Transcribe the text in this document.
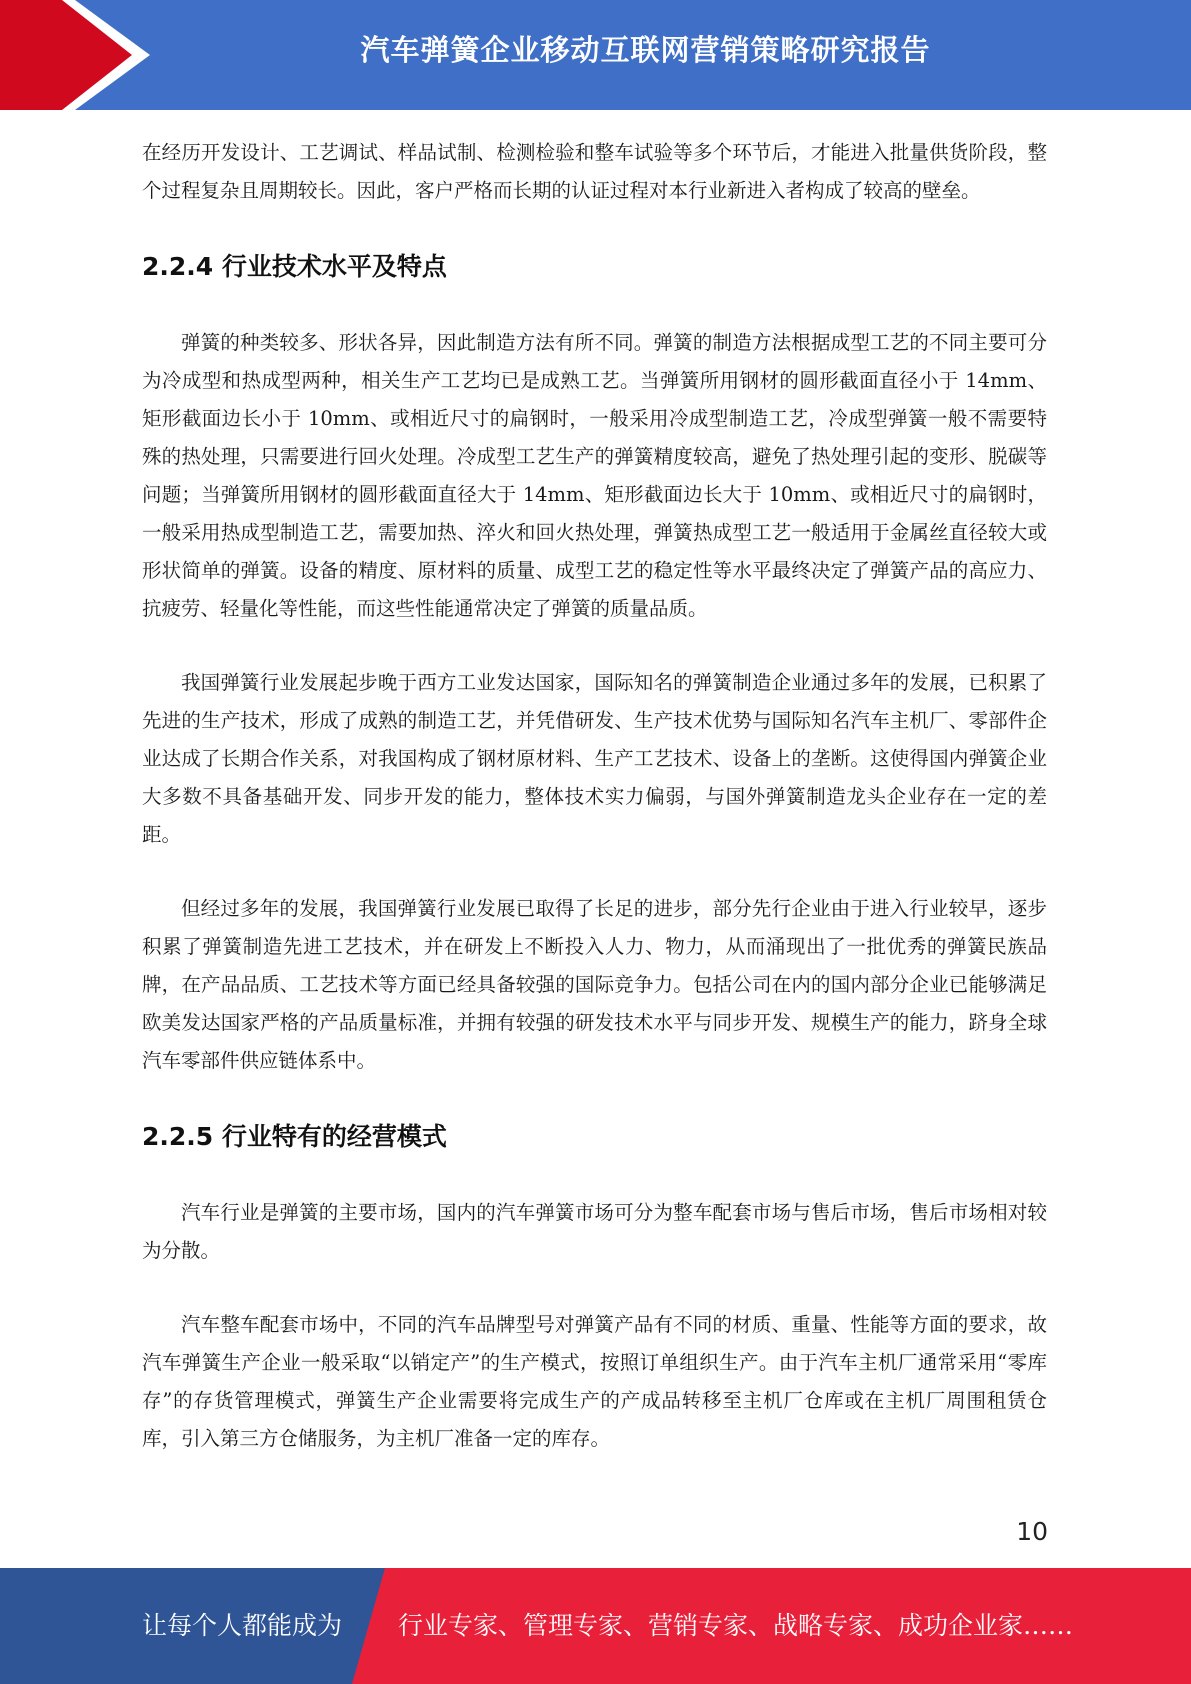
汽车弹簧企业移动互联网营销策略研究报告

在经历开发设计、工艺调试、样品试制、检测检验和整车试验等多个环节后，才能进入批量供货阶段，整个过程复杂且周期较长。因此，客户严格而长期的认证过程对本行业新进入者构成了较高的壁垒。

2.2.4 行业技术水平及特点

弹簧的种类较多、形状各异，因此制造方法有所不同。弹簧的制造方法根据成型工艺的不同主要可分为冷成型和热成型两种，相关生产工艺均已是成熟工艺。当弹簧所用钢材的圆形截面直径小于 14mm、矩形截面边长小于 10mm、或相近尺寸的扁钢时，一般采用冷成型制造工艺，冷成型弹簧一般不需要特殊的热处理，只需要进行回火处理。冷成型工艺生产的弹簧精度较高，避免了热处理引起的变形、脱碳等问题；当弹簧所用钢材的圆形截面直径大于 14mm、矩形截面边长大于 10mm、或相近尺寸的扁钢时，一般采用热成型制造工艺，需要加热、淬火和回火热处理，弹簧热成型工艺一般适用于金属丝直径较大或形状简单的弹簧。设备的精度、原材料的质量、成型工艺的稳定性等水平最终决定了弹簧产品的高应力、抗疲劳、轻量化等性能，而这些性能通常决定了弹簧的质量品质。

我国弹簧行业发展起步晚于西方工业发达国家，国际知名的弹簧制造企业通过多年的发展，已积累了先进的生产技术，形成了成熟的制造工艺，并凭借研发、生产技术优势与国际知名汽车主机厂、零部件企业达成了长期合作关系，对我国构成了钢材原材料、生产工艺技术、设备上的垄断。这使得国内弹簧企业大多数不具备基础开发、同步开发的能力，整体技术实力偏弱，与国外弹簧制造龙头企业存在一定的差距。

但经过多年的发展，我国弹簧行业发展已取得了长足的进步，部分先行企业由于进入行业较早，逐步积累了弹簧制造先进工艺技术，并在研发上不断投入人力、物力，从而涌现出了一批优秀的弹簧民族品牌，在产品品质、工艺技术等方面已经具备较强的国际竞争力。包括公司在内的国内部分企业已能够满足欧美发达国家严格的产品质量标准，并拥有较强的研发技术水平与同步开发、规模生产的能力，跻身全球汽车零部件供应链体系中。

2.2.5 行业特有的经营模式

汽车行业是弹簧的主要市场，国内的汽车弹簧市场可分为整车配套市场与售后市场，售后市场相对较为分散。

汽车整车配套市场中，不同的汽车品牌型号对弹簧产品有不同的材质、重量、性能等方面的要求，故汽车弹簧生产企业一般采取“以销定产”的生产模式，按照订单组织生产。由于汽车主机厂通常采用“零库存”的存货管理模式，弹簧生产企业需要将完成生产的产成品转移至主机厂仓库或在主机厂周围租赁仓库，引入第三方仓储服务，为主机厂准备一定的库存。

10
让每个人都能成为 行业专家、管理专家、营销专家、战略专家、成功企业家……
